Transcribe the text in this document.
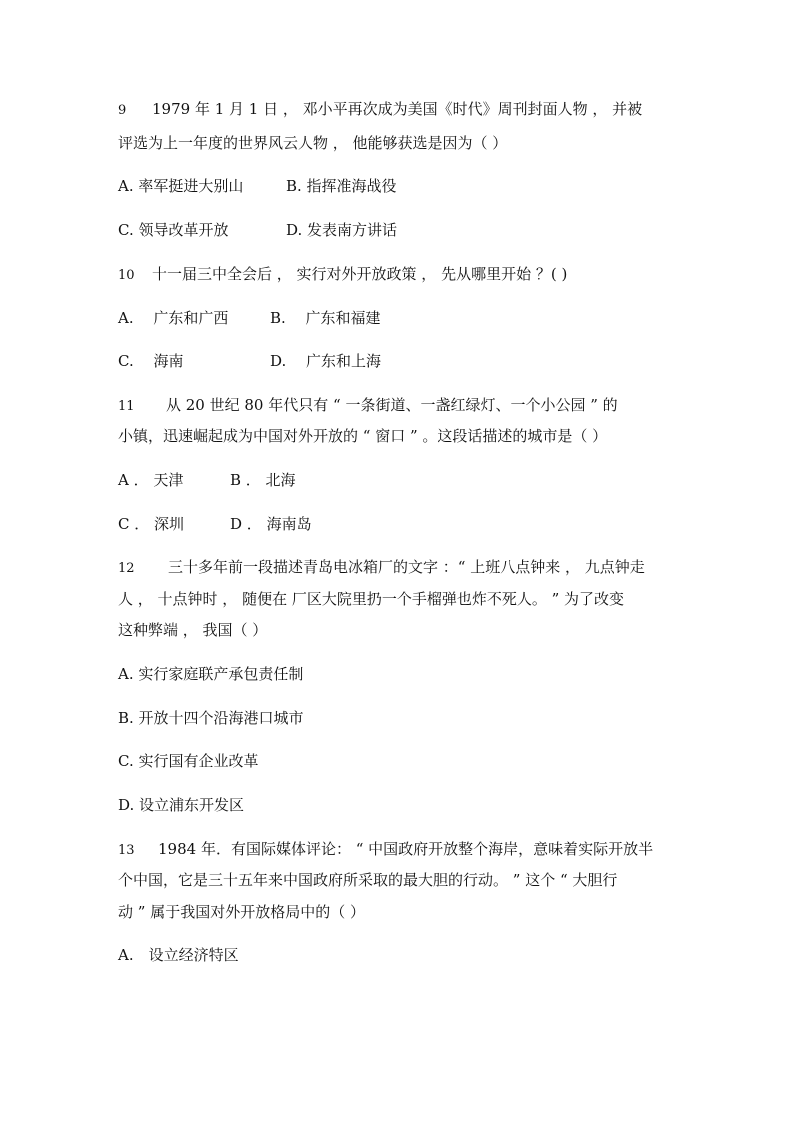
9 1979 年 1 月 1 日 ， 邓小平再次成为美国《时代》周刊封面人物 ， 并被
评选为上一年度的世界风云人物 ， 他能够获选是因为（ ）
A. 率军挺进大别山	B. 指挥准海战役
C. 领导改革开放	D. 发表南方讲话
10 十一届三中全会后 ， 实行对外开放政策 ， 先从哪里开始 ？( )
A.　 广东和广西	B.　 广东和福建
C.　 海南	D.　 广东和上海
11 从 20 世纪 80 年代只有 “ 一条街道、一盏红绿灯、一个小公园 ” 的
小镇，迅速崛起成为中国对外开放的 “ 窗口 ” 。这段话描述的城市是（ ）
A ． 天津	B ． 北海
C ． 深圳	D ． 海南岛
12 三十多年前一段描述青岛电冰箱厂的文字 ：“ 上班八点钟来 ， 九点钟走
人 ， 十点钟时 ， 随便在 厂区大院里扔一个手榴弹也炸不死人。 ” 为了改变
这种弊端 ， 我国（ ）
A. 实行家庭联产承包责任制
B. 开放十四个沿海港口城市
C. 实行国有企业改革
D. 设立浦东开发区
13 1984 年．有国际媒体评论： “ 中国政府开放整个海岸，意味着实际开放半
个中国，它是三十五年来中国政府所采取的最大胆的行动。 ” 这个 “ 大胆行
动 ” 属于我国对外开放格局中的（ ）
A.　设立经济特区
